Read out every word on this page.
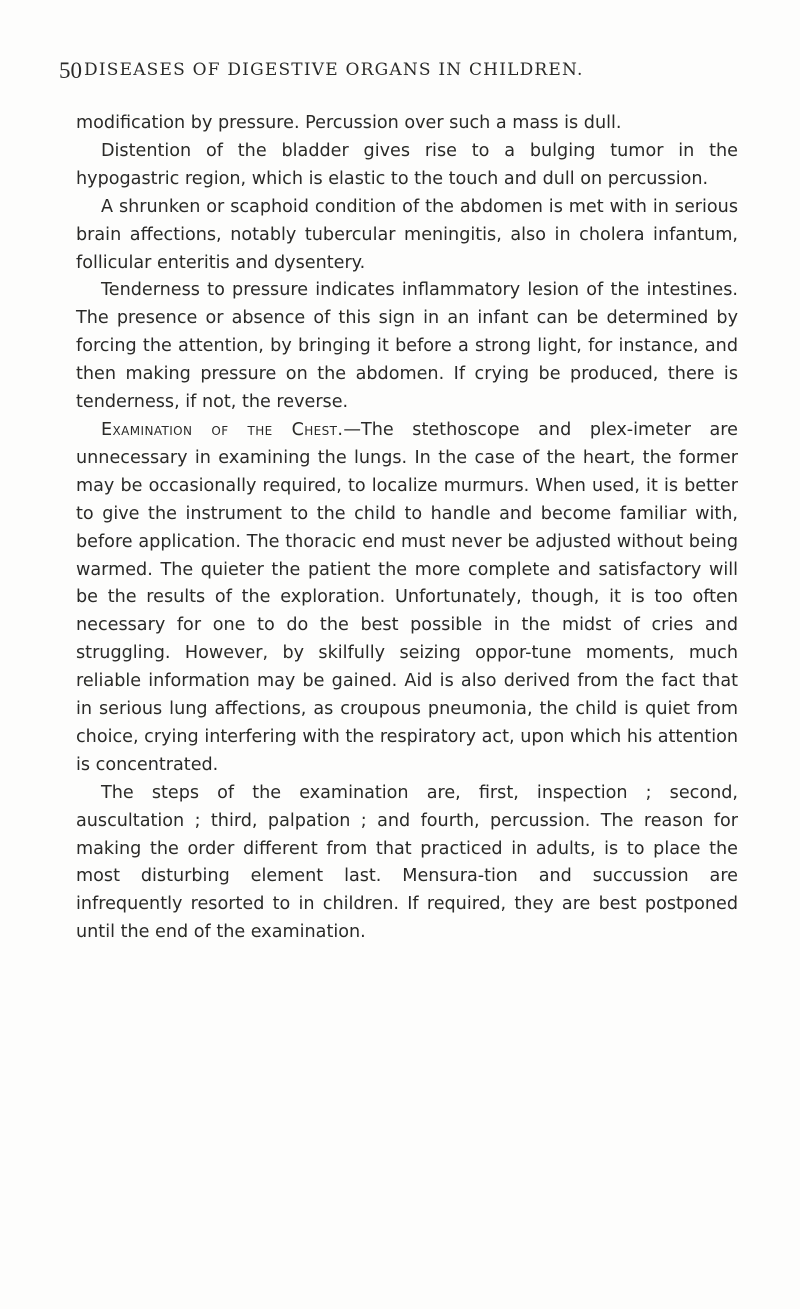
50 DISEASES OF DIGESTIVE ORGANS IN CHILDREN.

modification by pressure. Percussion over such a mass is dull.

Distention of the bladder gives rise to a bulging tumor in the hypogastric region, which is elastic to the touch and dull on percussion.

A shrunken or scaphoid condition of the abdomen is met with in serious brain affections, notably tubercular meningitis, also in cholera infantum, follicular enteritis and dysentery.

Tenderness to pressure indicates inflammatory lesion of the intestines. The presence or absence of this sign in an infant can be determined by forcing the attention, by bringing it before a strong light, for instance, and then making pressure on the abdomen. If crying be produced, there is tenderness, if not, the reverse.

Examination of the Chest.—The stethoscope and plex-imeter are unnecessary in examining the lungs. In the case of the heart, the former may be occasionally required, to localize murmurs. When used, it is better to give the instrument to the child to handle and become familiar with, before application. The thoracic end must never be adjusted without being warmed. The quieter the patient the more complete and satisfactory will be the results of the exploration. Unfortunately, though, it is too often necessary for one to do the best possible in the midst of cries and struggling. However, by skilfully seizing oppor-tune moments, much reliable information may be gained. Aid is also derived from the fact that in serious lung affections, as croupous pneumonia, the child is quiet from choice, crying interfering with the respiratory act, upon which his attention is concentrated.

The steps of the examination are, first, inspection ; second, auscultation ; third, palpation ; and fourth, percussion. The reason for making the order different from that practiced in adults, is to place the most disturbing element last. Mensura-tion and succussion are infrequently resorted to in children. If required, they are best postponed until the end of the examination.
